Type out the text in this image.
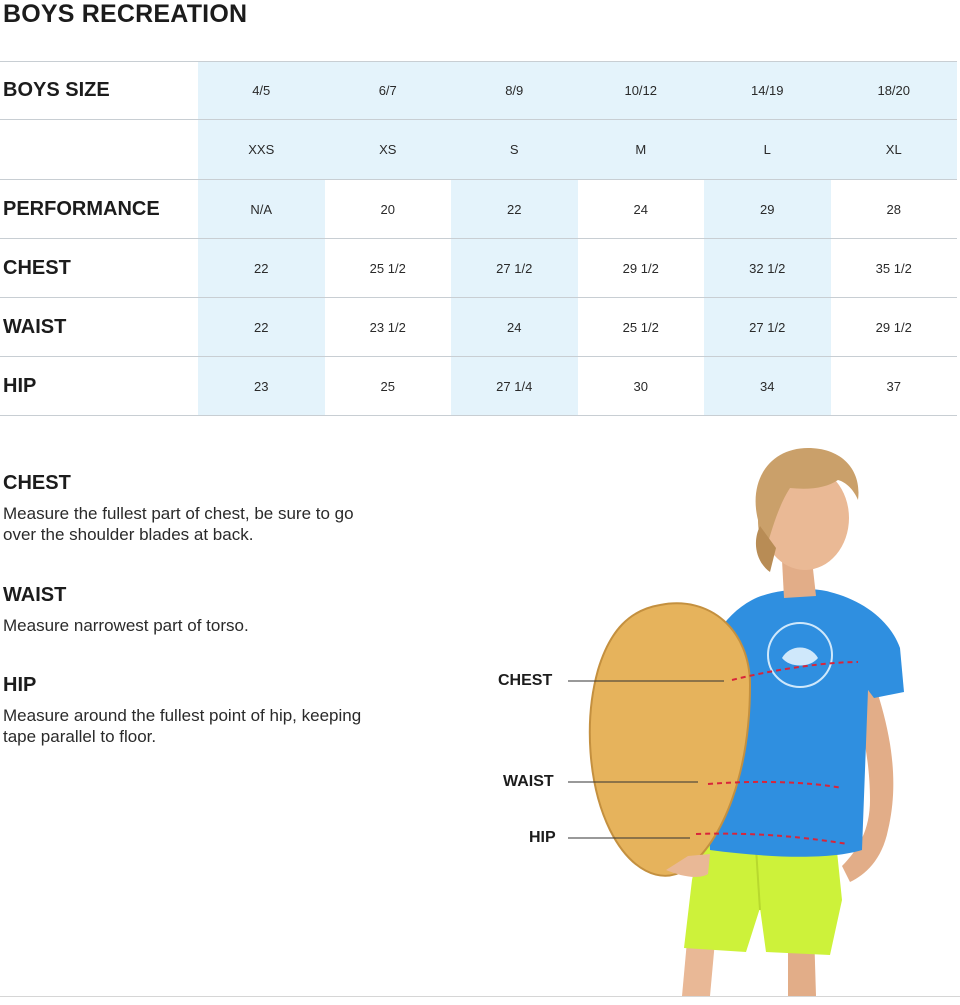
BOYS RECREATION
BOYS SIZE	4/5	6/7	8/9	10/12	14/19	18/20
	XXS	XS	S	M	L	XL
PERFORMANCE	N/A	20	22	24	29	28
CHEST	22	25 1/2	27 1/2	29 1/2	32 1/2	35 1/2
WAIST	22	23 1/2	24	25 1/2	27 1/2	29 1/2
HIP	23	25	27 1/4	30	34	37
CHEST

Measure the fullest part of chest, be sure to go over the shoulder blades at back.

WAIST

Measure narrowest part of torso.

HIP

Measure around the fullest point of hip, keeping tape parallel to floor.

CHEST
WAIST
HIP
